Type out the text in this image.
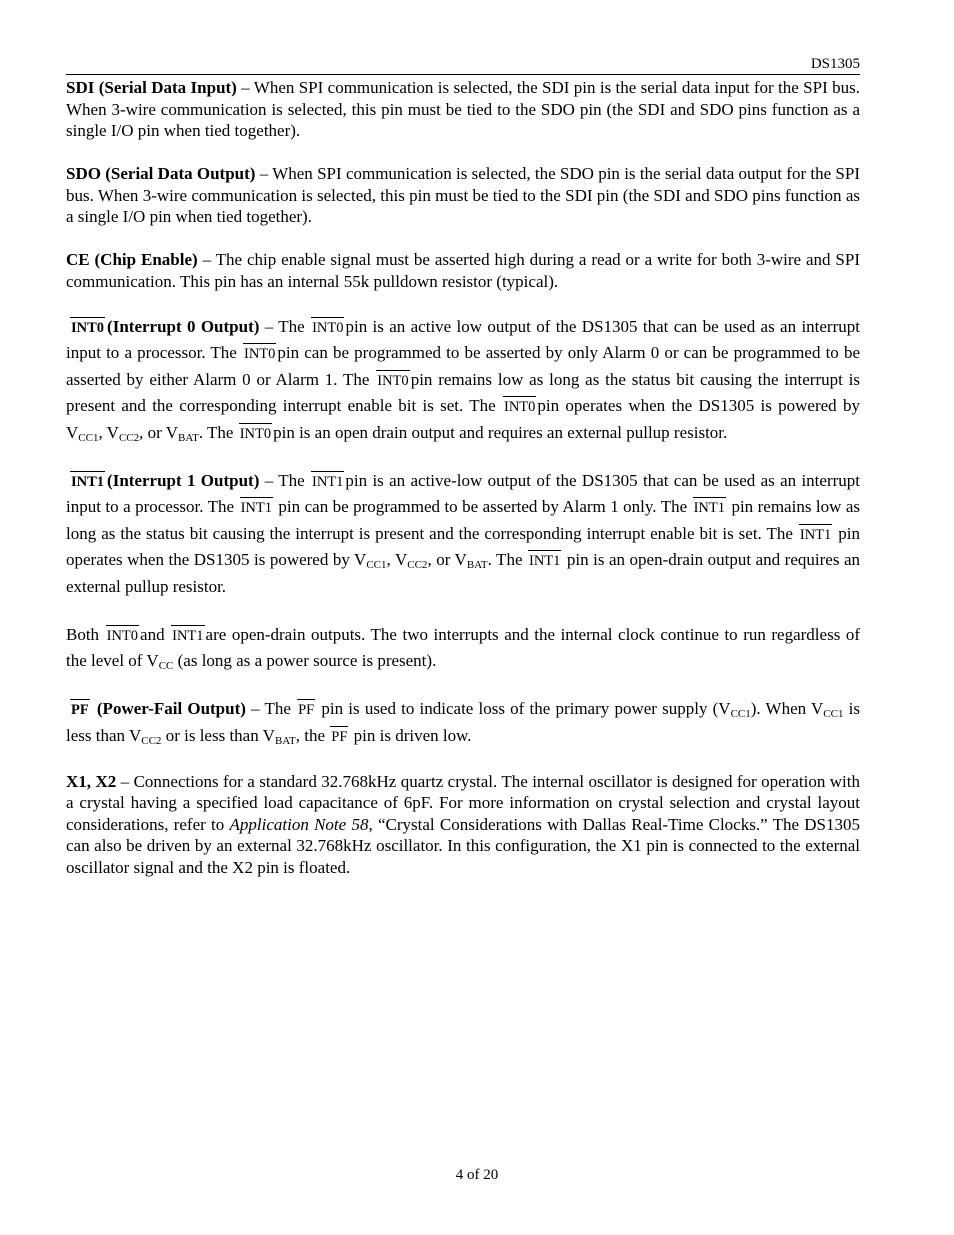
DS1305

SDI (Serial Data Input) – When SPI communication is selected, the SDI pin is the serial data input for the SPI bus. When 3-wire communication is selected, this pin must be tied to the SDO pin (the SDI and SDO pins function as a single I/O pin when tied together).

SDO (Serial Data Output) – When SPI communication is selected, the SDO pin is the serial data output for the SPI bus. When 3-wire communication is selected, this pin must be tied to the SDI pin (the SDI and SDO pins function as a single I/O pin when tied together).

CE (Chip Enable) – The chip enable signal must be asserted high during a read or a write for both 3-wire and SPI communication. This pin has an internal 55k pulldown resistor (typical).

INT0 (Interrupt 0 Output) – The INT0 pin is an active low output of the DS1305 that can be used as an interrupt input to a processor. The INT0 pin can be programmed to be asserted by only Alarm 0 or can be programmed to be asserted by either Alarm 0 or Alarm 1. The INT0 pin remains low as long as the status bit causing the interrupt is present and the corresponding interrupt enable bit is set. The INT0 pin operates when the DS1305 is powered by $V_{CC1}$, $V_{CC2}$, or $V_{BAT}$. The INT0 pin is an open drain output and requires an external pullup resistor.

INT1 (Interrupt 1 Output) – The INT1 pin is an active-low output of the DS1305 that can be used as an interrupt input to a processor. The INT1 pin can be programmed to be asserted by Alarm 1 only. The INT1 pin remains low as long as the status bit causing the interrupt is present and the corresponding interrupt enable bit is set. The INT1 pin operates when the DS1305 is powered by $V_{CC1}$, $V_{CC2}$, or $V_{BAT}$. The INT1 pin is an open-drain output and requires an external pullup resistor.

Both INT0 and INT1 are open-drain outputs. The two interrupts and the internal clock continue to run regardless of the level of $V_{CC}$ (as long as a power source is present).

PF (Power-Fail Output) – The PF pin is used to indicate loss of the primary power supply $(V_{CC1})$. When $V_{CC1}$ is less than $V_{CC2}$ or is less than $V_{BAT}$, the PF pin is driven low.

X1, X2 – Connections for a standard 32.768kHz quartz crystal. The internal oscillator is designed for operation with a crystal having a specified load capacitance of 6pF. For more information on crystal selection and crystal layout considerations, refer to Application Note 58, “Crystal Considerations with Dallas Real-Time Clocks.” The DS1305 can also be driven by an external 32.768kHz oscillator. In this configuration, the X1 pin is connected to the external oscillator signal and the X2 pin is floated.

4 of 20
